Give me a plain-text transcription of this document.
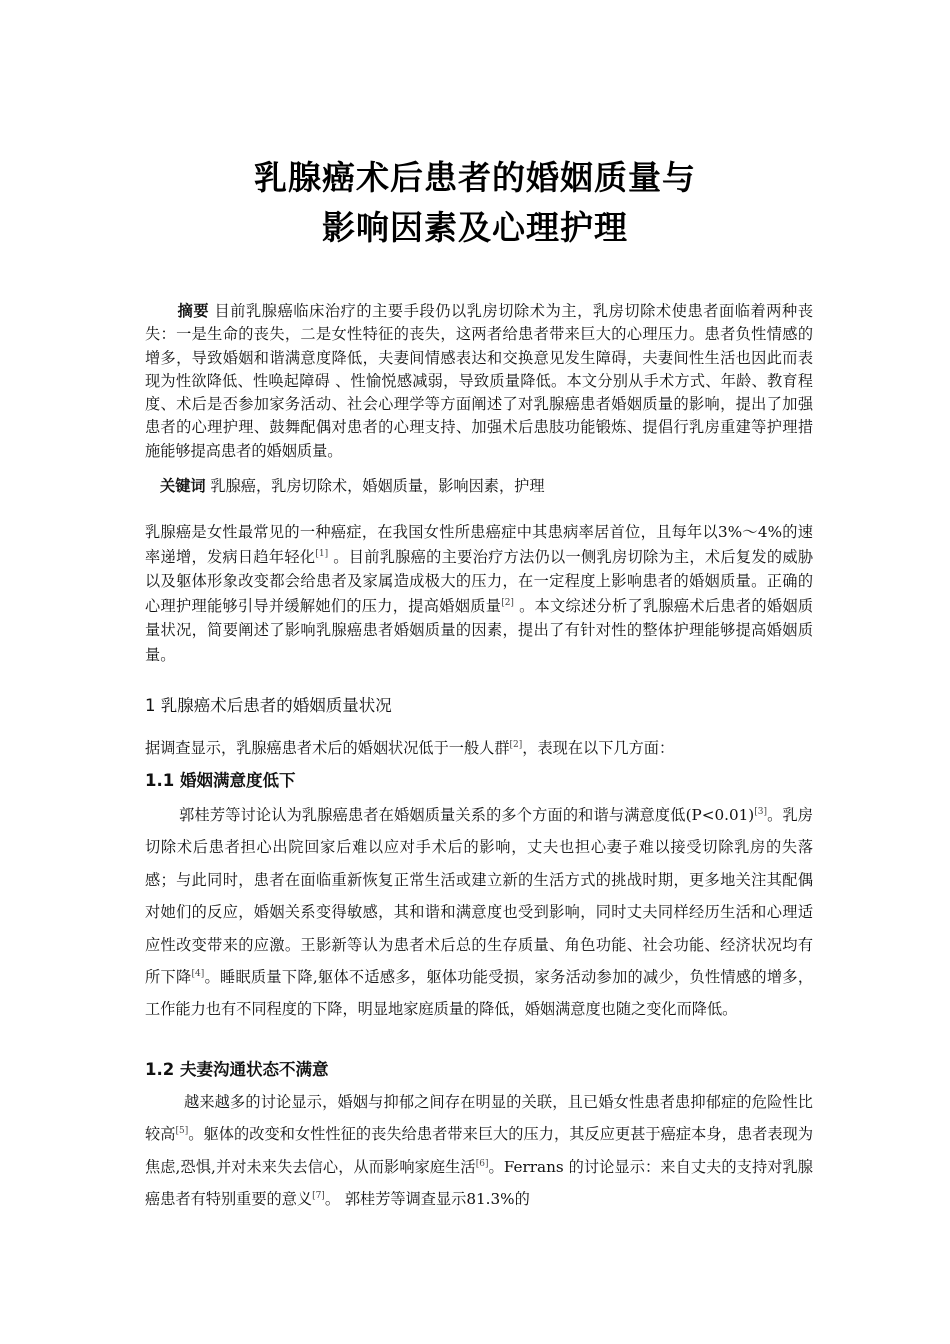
乳腺癌术后患者的婚姻质量与
影响因素及心理护理
摘要 目前乳腺癌临床治疗的主要手段仍以乳房切除术为主，乳房切除术使患者面临着两种丧失：一是生命的丧失，二是女性特征的丧失，这两者给患者带来巨大的心理压力。患者负性情感的增多，导致婚姻和谐满意度降低，夫妻间情感表达和交换意见发生障碍，夫妻间性生活也因此而表现为性欲降低、性唤起障碍 、性愉悦感减弱，导致质量降低。本文分别从手术方式、年龄、教育程度、术后是否参加家务活动、社会心理学等方面阐述了对乳腺癌患者婚姻质量的影响，提出了加强患者的心理护理、鼓舞配偶对患者的心理支持、加强术后患肢功能锻炼、提倡行乳房重建等护理措施能够提高患者的婚姻质量。
关键词 乳腺癌，乳房切除术，婚姻质量，影响因素，护理
乳腺癌是女性最常见的一种癌症，在我国女性所患癌症中其患病率居首位，且每年以3%～4%的速率递增，发病日趋年轻化[1] 。目前乳腺癌的主要治疗方法仍以一侧乳房切除为主，术后复发的威胁以及躯体形象改变都会给患者及家属造成极大的压力，在一定程度上影响患者的婚姻质量。正确的心理护理能够引导并缓解她们的压力，提高婚姻质量[2] 。本文综述分析了乳腺癌术后患者的婚姻质量状况，简要阐述了影响乳腺癌患者婚姻质量的因素，提出了有针对性的整体护理能够提高婚姻质量。
1 乳腺癌术后患者的婚姻质量状况
据调查显示，乳腺癌患者术后的婚姻状况低于一般人群[2]，表现在以下几方面：
1.1 婚姻满意度低下
郭桂芳等讨论认为乳腺癌患者在婚姻质量关系的多个方面的和谐与满意度低(P<0.01)[3]。乳房切除术后患者担心出院回家后难以应对手术后的影响，丈夫也担心妻子难以接受切除乳房的失落感；与此同时，患者在面临重新恢复正常生活或建立新的生活方式的挑战时期，更多地关注其配偶对她们的反应，婚姻关系变得敏感，其和谐和满意度也受到影响，同时丈夫同样经历生活和心理适应性改变带来的应激。王影新等认为患者术后总的生存质量、角色功能、社会功能、经济状况均有所下降[4]。睡眠质量下降,躯体不适感多，躯体功能受损，家务活动参加的减少，负性情感的增多，工作能力也有不同程度的下降，明显地家庭质量的降低，婚姻满意度也随之变化而降低。
1.2 夫妻沟通状态不满意
越来越多的讨论显示，婚姻与抑郁之间存在明显的关联，且已婚女性患者患抑郁症的危险性比较高[5]。躯体的改变和女性性征的丧失给患者带来巨大的压力，其反应更甚于癌症本身，患者表现为焦虑,恐惧,并对未来失去信心，从而影响家庭生活[6]。Ferrans 的讨论显示：来自丈夫的支持对乳腺癌患者有特别重要的意义[7]。 郭桂芳等调查显示81.3%的
